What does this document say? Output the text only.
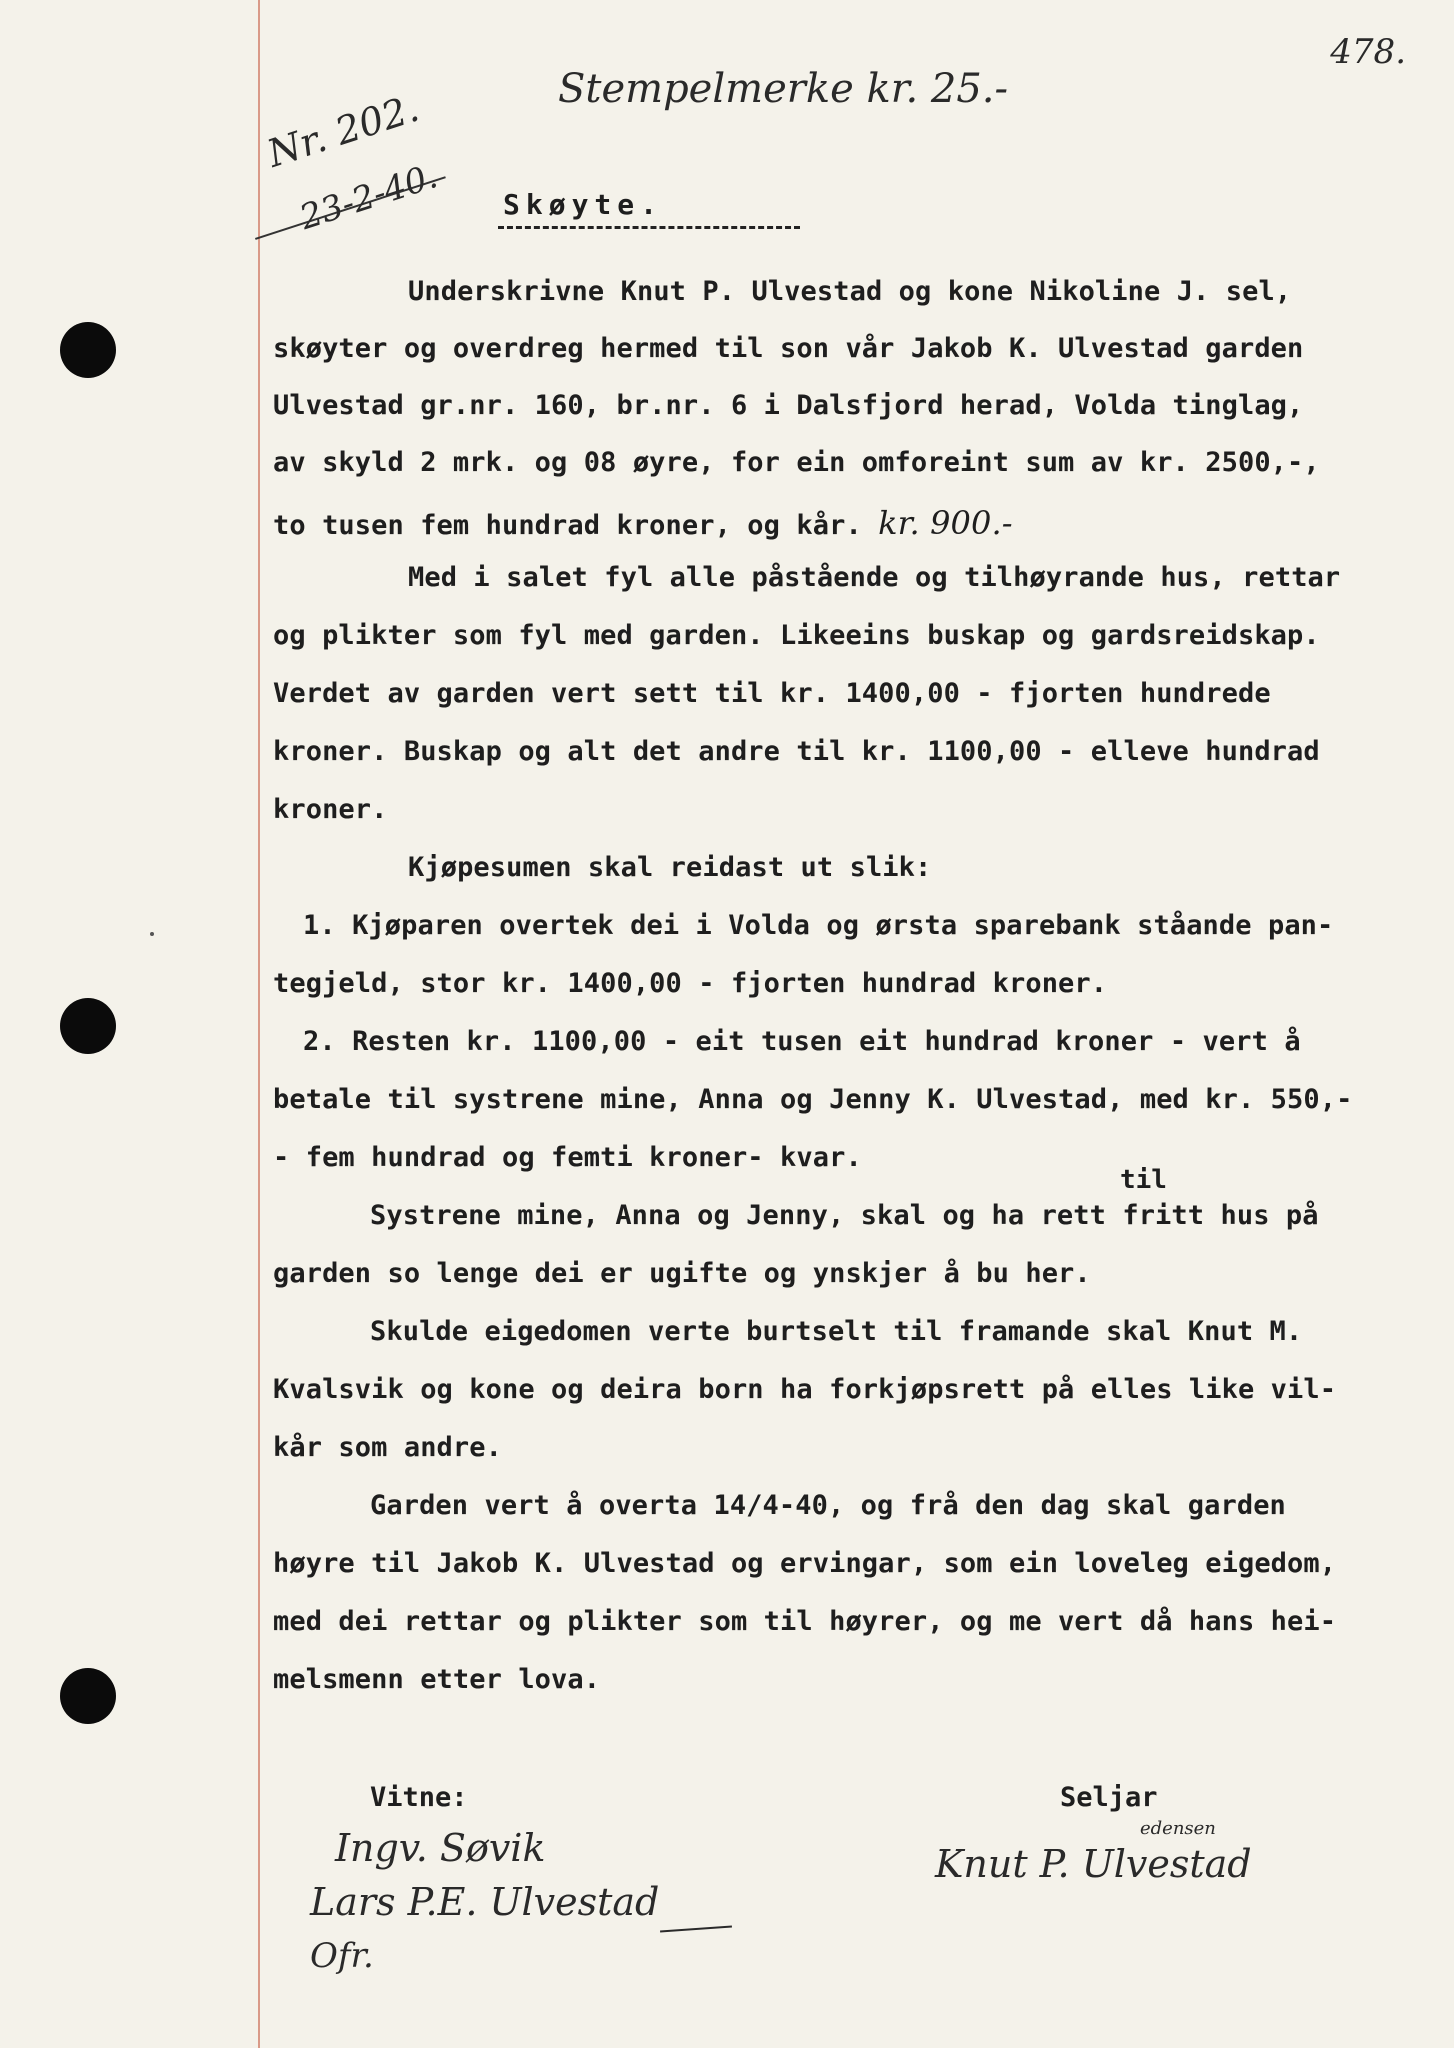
478.
Stempelmerke kr. 25.-
Nr. 202.
23-2-40. Skøyte.
Underskrivne Knut P. Ulvestad og kone Nikoline J. sel,
skøyter og overdreg hermed til son vår Jakob K. Ulvestad garden
Ulvestad gr.nr. 160, br.nr. 6 i Dalsfjord herad, Volda tinglag,
av skyld 2 mrk. og 08 øyre, for ein omforeint sum av kr. 2500,-,
to tusen fem hundrad kroner, og kår. kr. 900.-
Med i salet fyl alle påstående og tilhøyrande hus, rettar
og plikter som fyl med garden. Likeeins buskap og gardsreidskap.
Verdet av garden vert sett til kr. 1400,00 - fjorten hundrede
kroner. Buskap og alt det andre til kr. 1100,00 - elleve hundrad
kroner.
Kjøpesumen skal reidast ut slik:
1. Kjøparen overtek dei i Volda og ørsta sparebank ståande pan-
tegjeld, stor kr. 1400,00 - fjorten hundrad kroner.
2. Resten kr. 1100,00 - eit tusen eit hundrad kroner - vert å
betale til systrene mine, Anna og Jenny K. Ulvestad, med kr. 550,-
- fem hundrad og femti kroner- kvar.
til
Systrene mine, Anna og Jenny, skal og ha rett fritt hus på
garden so lenge dei er ugifte og ynskjer å bu her.
Skulde eigedomen verte burtselt til framande skal Knut M.
Kvalsvik og kone og deira born ha forkjøpsrett på elles like vil-
kår som andre.
Garden vert å overta 14/4-40, og frå den dag skal garden
høyre til Jakob K. Ulvestad og ervingar, som ein loveleg eigedom,
med dei rettar og plikter som til høyrer, og me vert då hans hei-
melsmenn etter lova.
Vitne:	Seljar
Ingv. Søvik
Lars P.E. Ulvestad
Ofr.
edensen
Knut P. Ulvestad
